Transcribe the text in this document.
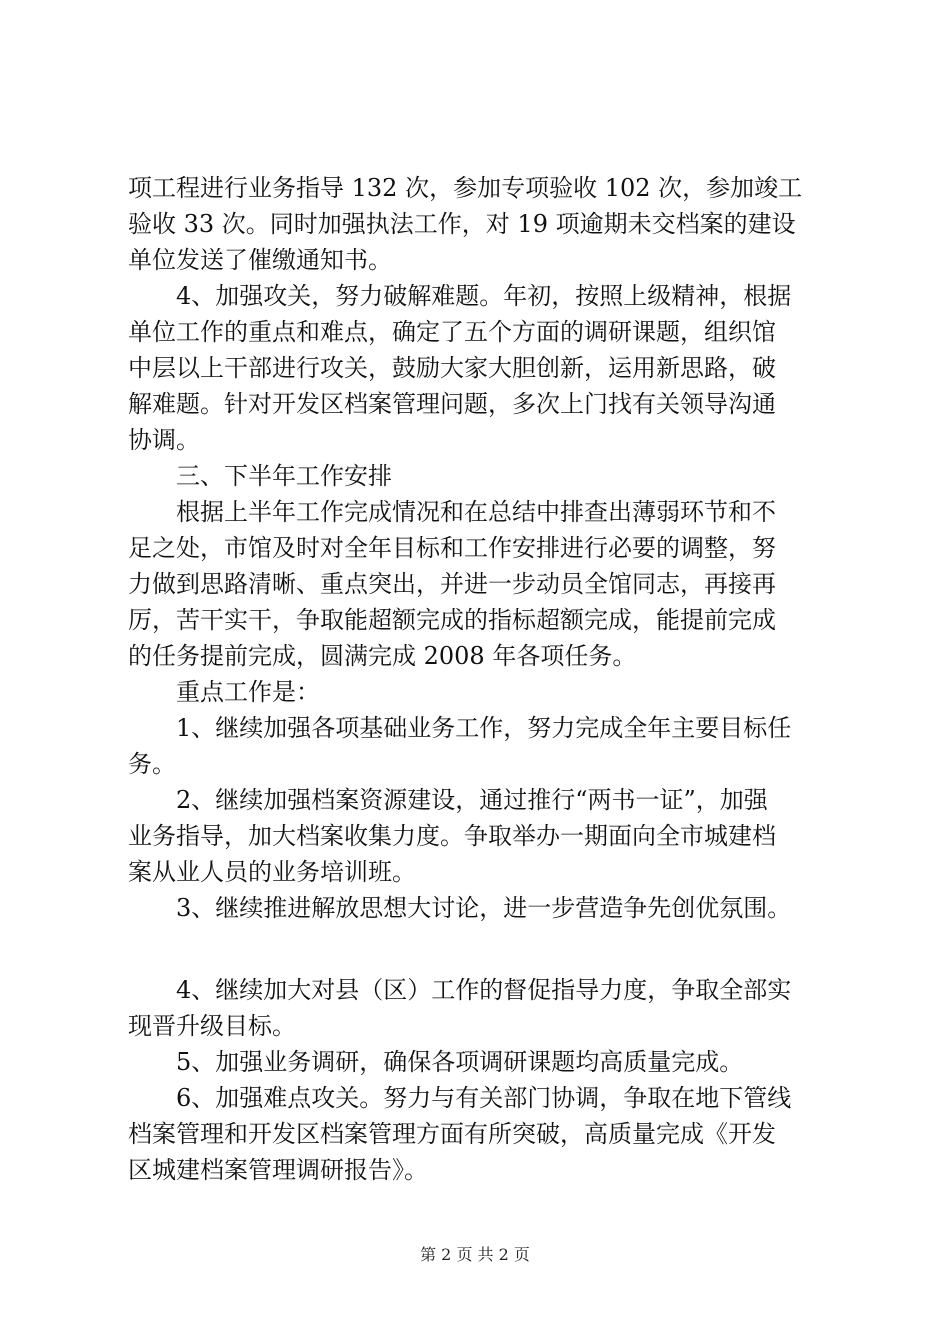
项工程进行业务指导 132 次，参加专项验收 102 次，参加竣工
验收 33 次。同时加强执法工作，对 19 项逾期未交档案的建设
单位发送了催缴通知书。
4、加强攻关，努力破解难题。年初，按照上级精神，根据
单位工作的重点和难点，确定了五个方面的调研课题，组织馆
中层以上干部进行攻关，鼓励大家大胆创新，运用新思路，破
解难题。针对开发区档案管理问题，多次上门找有关领导沟通
协调。
三、下半年工作安排
根据上半年工作完成情况和在总结中排查出薄弱环节和不
足之处，市馆及时对全年目标和工作安排进行必要的调整，努
力做到思路清晰、重点突出，并进一步动员全馆同志，再接再
厉，苦干实干，争取能超额完成的指标超额完成，能提前完成
的任务提前完成，圆满完成 2008 年各项任务。
重点工作是：
1、继续加强各项基础业务工作，努力完成全年主要目标任
务。
2、继续加强档案资源建设，通过推行“两书一证”，加强
业务指导，加大档案收集力度。争取举办一期面向全市城建档
案从业人员的业务培训班。
3、继续推进解放思想大讨论，进一步营造争先创优氛围。
4、继续加大对县（区）工作的督促指导力度，争取全部实
现晋升级目标。
5、加强业务调研，确保各项调研课题均高质量完成。
6、加强难点攻关。努力与有关部门协调，争取在地下管线
档案管理和开发区档案管理方面有所突破，高质量完成《开发
区城建档案管理调研报告》。
第 2 页 共 2 页
